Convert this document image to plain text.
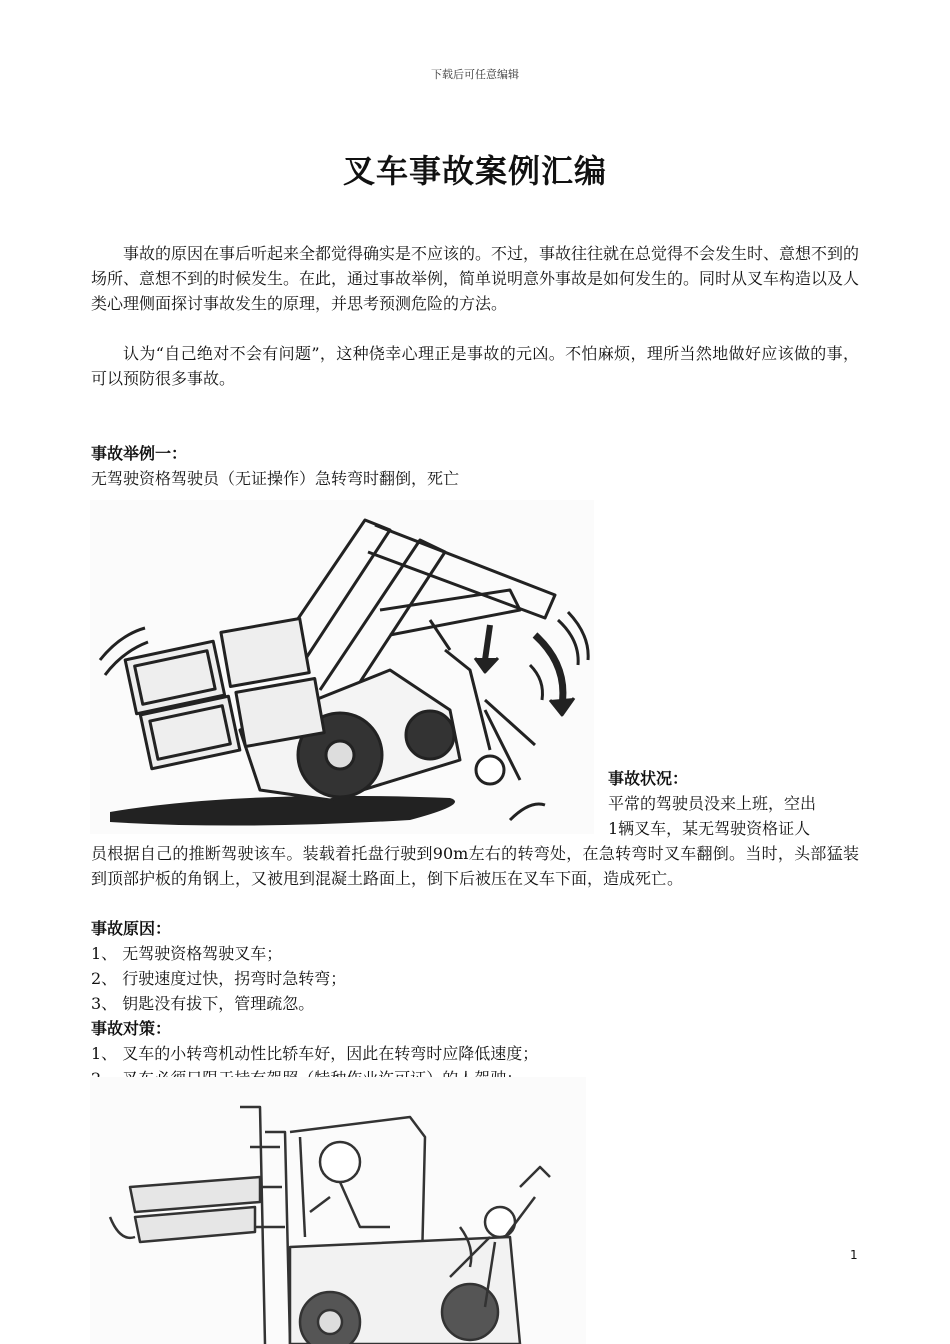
下载后可任意编辑
叉车事故案例汇编
事故的原因在事后听起来全都觉得确实是不应该的。不过，事故往往就在总觉得不会发生时、意想不到的场所、意想不到的时候发生。在此，通过事故举例，简单说明意外事故是如何发生的。同时从叉车构造以及人类心理侧面探讨事故发生的原理，并思考预测危险的方法。
认为“自己绝对不会有问题”，这种侥幸心理正是事故的元凶。不怕麻烦，理所当然地做好应该做的事，可以预防很多事故。
事故举例一：
无驾驶资格驾驶员（无证操作）急转弯时翻倒，死亡
事故状况：
平常的驾驶员没来上班，空出
1辆叉车，某无驾驶资格证人
员根据自己的推断驾驶该车。装载着托盘行驶到90m左右的转弯处，在急转弯时叉车翻倒。当时，头部猛装到顶部护板的角钢上，又被甩到混凝土路面上，倒下后被压在叉车下面，造成死亡。
事故原因：
1、 无驾驶资格驾驶叉车；
2、 行驶速度过快，拐弯时急转弯；
3、 钥匙没有拔下，管理疏忽。
事故对策：
1、 叉车的小转弯机动性比轿车好，因此在转弯时应降低速度；
1
